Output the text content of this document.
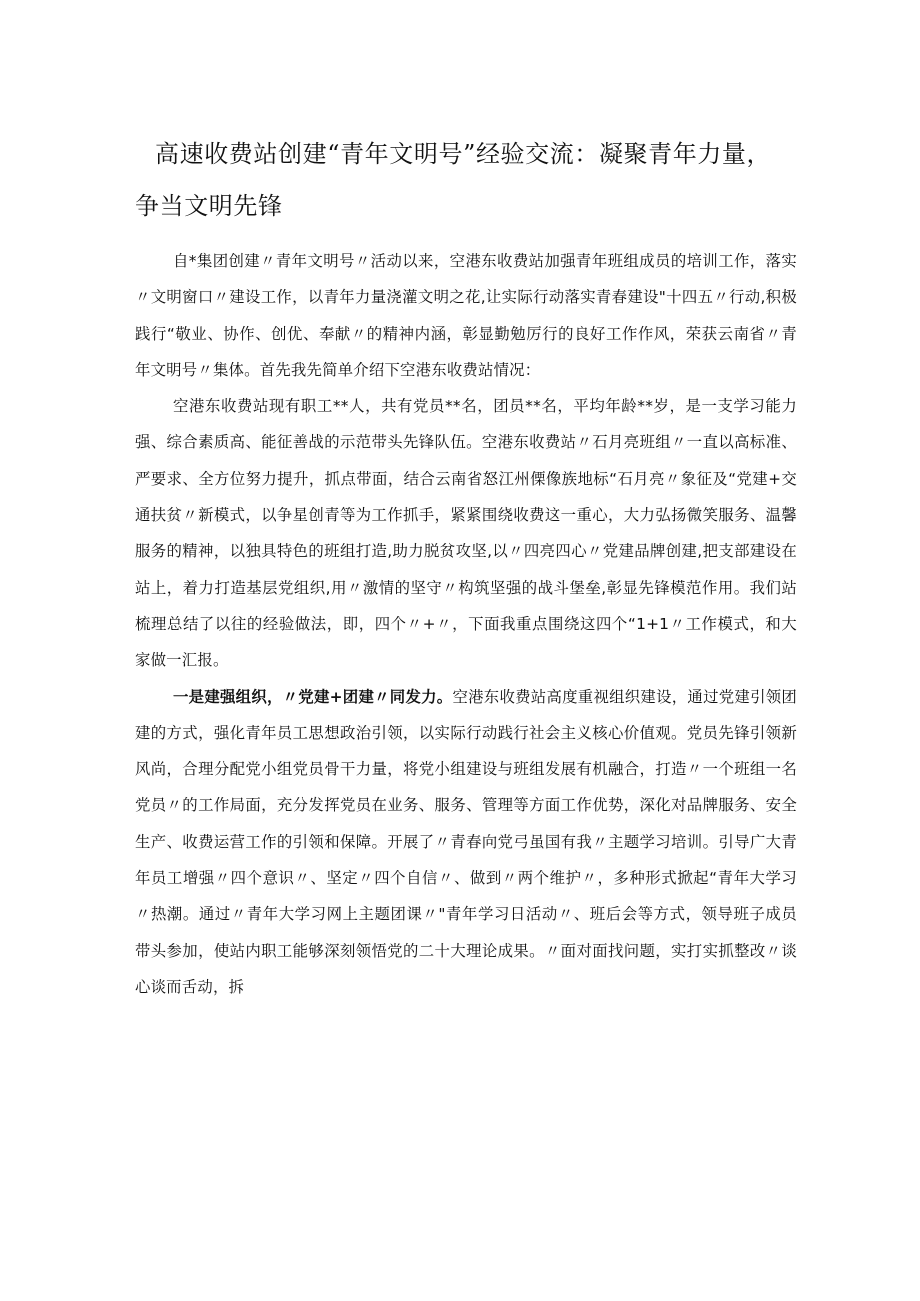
高速收费站创建“青年文明号”经验交流：凝聚青年力量，争当文明先锋

自*集团创建〃青年文明号〃活动以来，空港东收费站加强青年班组成员的培训工作，落实〃文明窗口〃建设工作，以青年力量浇灌文明之花,让实际行动落实青春建设"十四五〃行动,积极践行“敬业、协作、创优、奉献〃的精神内涵，彰显勤勉厉行的良好工作作风，荣获云南省〃青年文明号〃集体。首先我先简单介绍下空港东收费站情况：

空港东收费站现有职工**人，共有党员**名，团员**名，平均年龄**岁，是一支学习能力强、综合素质高、能征善战的示范带头先锋队伍。空港东收费站〃石月亮班组〃一直以高标准、严要求、全方位努力提升，抓点带面，结合云南省怒江州傈像族地标“石月亮〃象征及“党建+交通扶贫〃新模式，以争星创青等为工作抓手，紧紧围绕收费这一重心，大力弘扬微笑服务、温馨服务的精神，以独具特色的班组打造,助力脱贫攻坚,以〃四亮四心〃党建品牌创建,把支部建设在站上，着力打造基层党组织,用〃激情的坚守〃构筑坚强的战斗堡垒,彰显先锋模范作用。我们站梳理总结了以往的经验做法，即，四个〃+〃，下面我重点围绕这四个“1+1〃工作模式，和大家做一汇报。

一是建强组织，〃党建+团建〃同发力。空港东收费站高度重视组织建设，通过党建引领团建的方式，强化青年员工思想政治引领，以实际行动践行社会主义核心价值观。党员先锋引领新风尚，合理分配党小组党员骨干力量，将党小组建设与班组发展有机融合，打造〃一个班组一名党员〃的工作局面，充分发挥党员在业务、服务、管理等方面工作优势，深化对品牌服务、安全生产、收费运营工作的引领和保障。开展了〃青春向党弓虽国有我〃主题学习培训。引导广大青年员工增强〃四个意识〃、坚定〃四个自信〃、做到〃两个维护〃，多种形式掀起“青年大学习〃热潮。通过〃青年大学习网上主题团课〃"青年学习日活动〃、班后会等方式，领导班子成员带头参加，使站内职工能够深刻领悟党的二十大理论成果。〃面对面找问题，实打实抓整改〃谈心谈而舌动，拆
